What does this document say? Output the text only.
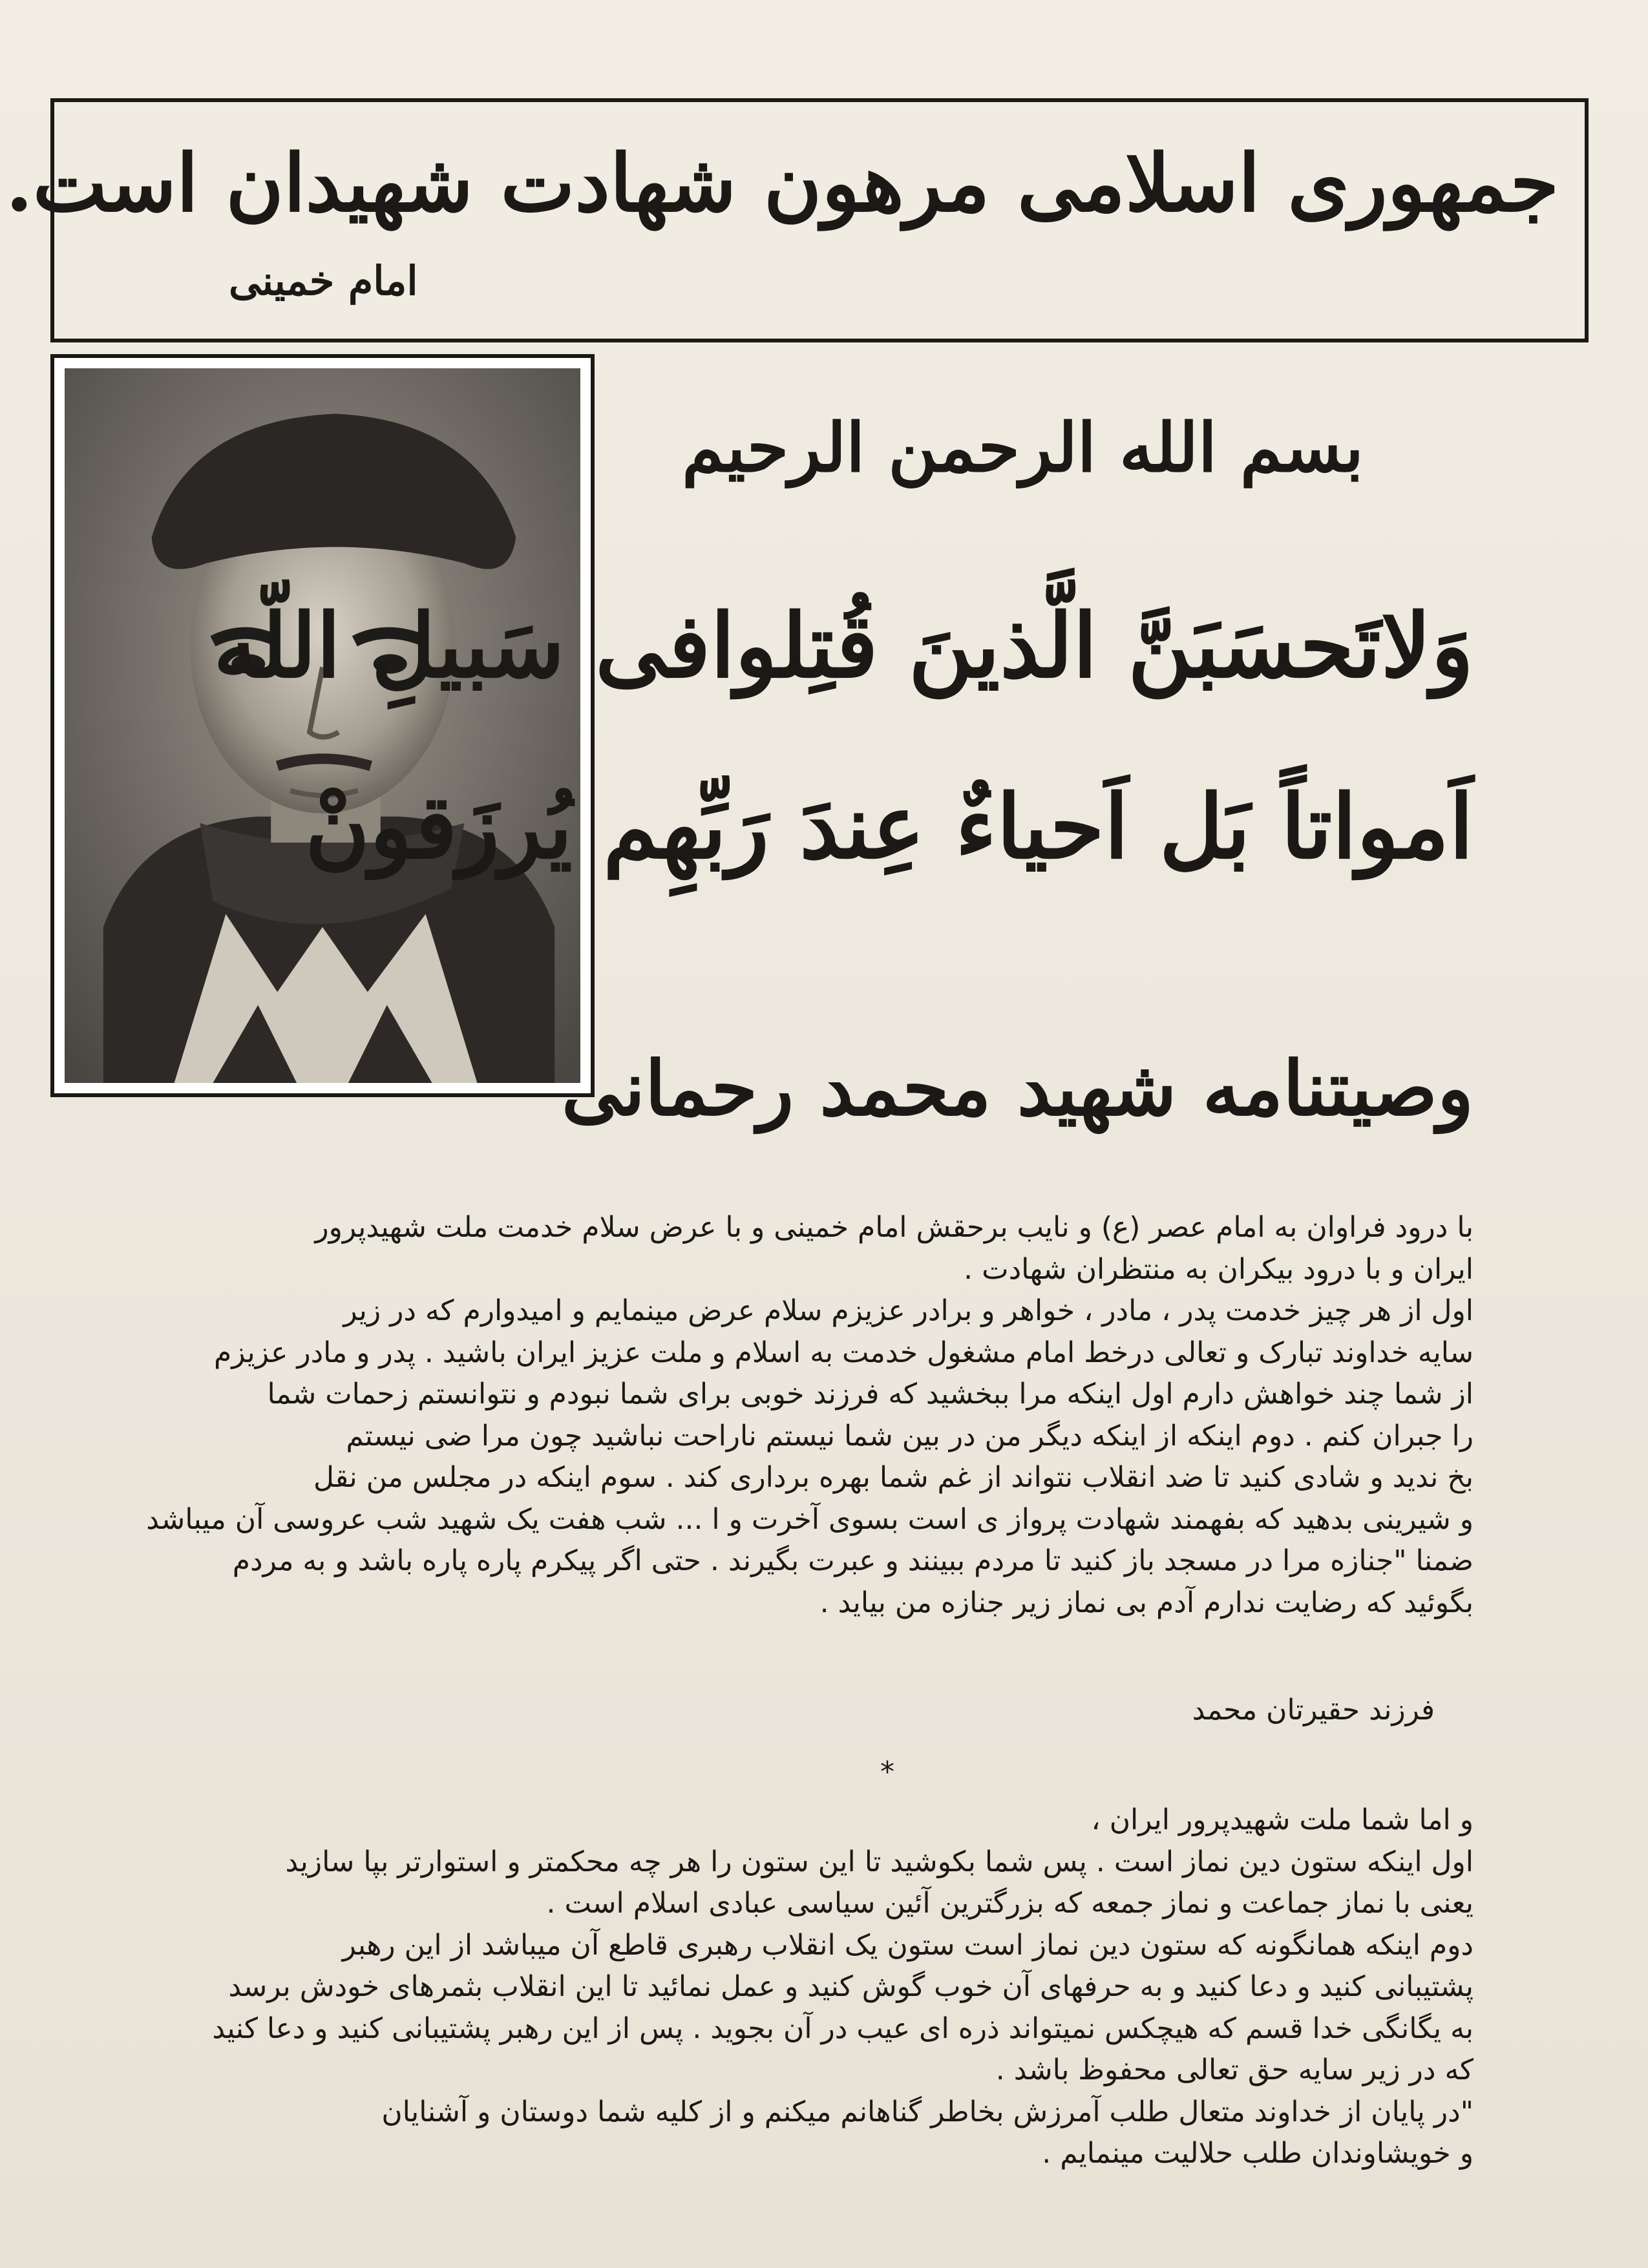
جمهوری اسلامی مرهون شهادت شهیدان است.
امام خمینی
بسم الله الرحمن الرحیم
وَلاتَحسَبَنَّ الَّذینَ قُتِلوافی سَبیلِ اللّه
اَمواتاً بَل اَحیاءٌ عِندَ رَبِّهِم یُرزَقونْ
وصیتنامه شهید محمد رحمانی

با درود فراوان به امام عصر (ع) و نایب برحقش امام خمینی و با عرض سلام خدمت ملت شهیدپرور

ایران و با درود بیکران به منتظران شهادت .

اول از هر چیز خدمت پدر ، مادر ، خواهر و برادر عزیزم سلام عرض مینمایم و امیدوارم که در زیر

سایه خداوند تبارک و تعالی درخط امام مشغول خدمت به اسلام و ملت عزیز ایران باشید . پدر و مادر عزیزم

از شما چند خواهش دارم اول اینکه مرا ببخشید که فرزند خوبی برای شما نبودم و نتوانستم زحمات شما

را جبران کنم . دوم اینکه از اینکه دیگر من در بین شما نیستم ناراحت نباشید چون مرا ضی نیستم

بخ ندید و شادی کنید تا ضد انقلاب نتواند از غم شما بهره برداری کند . سوم اینکه در مجلس من نقل

و شیرینی بدهید که بفهمند شهادت پرواز ی است بسوی آخرت و ا ... شب هفت یک شهید شب عروسی آن میباشد

ضمنا "جنازه مرا در مسجد باز کنید تا مردم ببینند و عبرت بگیرند . حتی اگر پیکرم پاره پاره باشد و به مردم

بگوئید که رضایت ندارم آدم بی نماز زیر جنازه من بیاید .

فرزند حقیرتان محمد
*

و اما شما ملت شهیدپرور ایران ،

اول اینکه ستون دین نماز است . پس شما بکوشید تا این ستون را هر چه محکمتر و استوارتر بپا سازید

یعنی با نماز جماعت و نماز جمعه که بزرگترین آئین سیاسی عبادی اسلام است .

دوم اینکه همانگونه که ستون دین نماز است ستون یک انقلاب رهبری قاطع آن میباشد از این رهبر

پشتیبانی کنید و دعا کنید و به حرفهای آن خوب گوش کنید و عمل نمائید تا این انقلاب بثمرهای خودش برسد

به یگانگی خدا قسم که هیچکس نمیتواند ذره ای عیب در آن بجوید . پس از این رهبر پشتیبانی کنید و دعا کنید

که در زیر سایه حق تعالی محفوظ باشد .

"در پایان از خداوند متعال طلب آمرزش بخاطر گناهانم میکنم و از کلیه شما دوستان و آشنایان

و خویشاوندان طلب حلالیت مینمایم .
